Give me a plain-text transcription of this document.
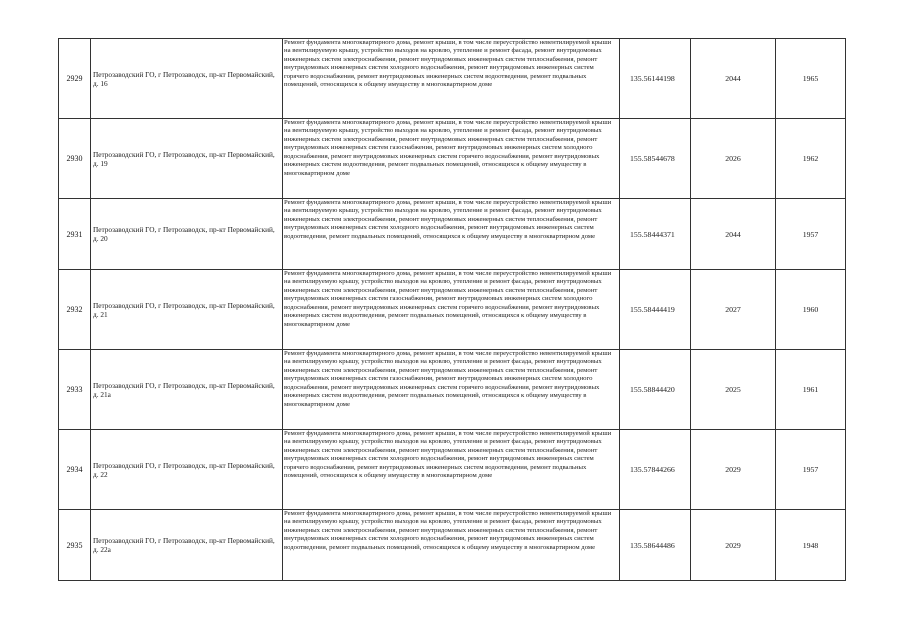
2929	Петрозаводский ГО, г Петрозаводск, пр-кт Первомайский, д. 16	Ремонт фундамента многоквартирного дома, ремонт крыши, в том числе переустройство невентилируемой крыши на вентилируемую крышу, устройство выходов на кровлю, утепление и ремонт фасада, ремонт внутридомовых инженерных систем электроснабжения, ремонт внутридомовых инженерных систем теплоснабжения, ремонт внутридомовых инженерных систем холодного водоснабжения, ремонт внутридомовых инженерных систем горячего водоснабжения, ремонт внутридомовых инженерных систем водоотведения, ремонт подвальных помещений, относящихся к общему имуществу в многоквартирном доме	135.56144198	2044	1965
2930	Петрозаводский ГО, г Петрозаводск, пр-кт Первомайский, д. 19	Ремонт фундамента многоквартирного дома, ремонт крыши, в том числе переустройство невентилируемой крыши на вентилируемую крышу, устройство выходов на кровлю, утепление и ремонт фасада, ремонт внутридомовых инженерных систем электроснабжения, ремонт внутридомовых инженерных систем теплоснабжения, ремонт внутридомовых инженерных систем газоснабжения, ремонт внутридомовых инженерных систем холодного водоснабжения, ремонт внутридомовых инженерных систем горячего водоснабжения, ремонт внутридомовых инженерных систем водоотведения, ремонт подвальных помещений, относящихся к общему имуществу в многоквартирном доме	155.58544678	2026	1962
2931	Петрозаводский ГО, г Петрозаводск, пр-кт Первомайский, д. 20	Ремонт фундамента многоквартирного дома, ремонт крыши, в том числе переустройство невентилируемой крыши на вентилируемую крышу, устройство выходов на кровлю, утепление и ремонт фасада, ремонт внутридомовых инженерных систем электроснабжения, ремонт внутридомовых инженерных систем теплоснабжения, ремонт внутридомовых инженерных систем холодного водоснабжения, ремонт внутридомовых инженерных систем водоотведения, ремонт подвальных помещений, относящихся к общему имуществу в многоквартирном доме	155.58444371	2044	1957
2932	Петрозаводский ГО, г Петрозаводск, пр-кт Первомайский, д. 21	Ремонт фундамента многоквартирного дома, ремонт крыши, в том числе переустройство невентилируемой крыши на вентилируемую крышу, устройство выходов на кровлю, утепление и ремонт фасада, ремонт внутридомовых инженерных систем электроснабжения, ремонт внутридомовых инженерных систем теплоснабжения, ремонт внутридомовых инженерных систем газоснабжения, ремонт внутридомовых инженерных систем холодного водоснабжения, ремонт внутридомовых инженерных систем горячего водоснабжения, ремонт внутридомовых инженерных систем водоотведения, ремонт подвальных помещений, относящихся к общему имуществу в многоквартирном доме	155.58444419	2027	1960
2933	Петрозаводский ГО, г Петрозаводск, пр-кт Первомайский, д. 21а	Ремонт фундамента многоквартирного дома, ремонт крыши, в том числе переустройство невентилируемой крыши на вентилируемую крышу, устройство выходов на кровлю, утепление и ремонт фасада, ремонт внутридомовых инженерных систем электроснабжения, ремонт внутридомовых инженерных систем теплоснабжения, ремонт внутридомовых инженерных систем газоснабжения, ремонт внутридомовых инженерных систем холодного водоснабжения, ремонт внутридомовых инженерных систем горячего водоснабжения, ремонт внутридомовых инженерных систем водоотведения, ремонт подвальных помещений, относящихся к общему имуществу в многоквартирном доме	155.58844420	2025	1961
2934	Петрозаводский ГО, г Петрозаводск, пр-кт Первомайский, д. 22	Ремонт фундамента многоквартирного дома, ремонт крыши, в том числе переустройство невентилируемой крыши на вентилируемую крышу, устройство выходов на кровлю, утепление и ремонт фасада, ремонт внутридомовых инженерных систем электроснабжения, ремонт внутридомовых инженерных систем теплоснабжения, ремонт внутридомовых инженерных систем холодного водоснабжения, ремонт внутридомовых инженерных систем горячего водоснабжения, ремонт внутридомовых инженерных систем водоотведения, ремонт подвальных помещений, относящихся к общему имуществу в многоквартирном доме	135.57844266	2029	1957
2935	Петрозаводский ГО, г Петрозаводск, пр-кт Первомайский, д. 22а	Ремонт фундамента многоквартирного дома, ремонт крыши, в том числе переустройство невентилируемой крыши на вентилируемую крышу, устройство выходов на кровлю, утепление и ремонт фасада, ремонт внутридомовых инженерных систем электроснабжения, ремонт внутридомовых инженерных систем теплоснабжения, ремонт внутридомовых инженерных систем холодного водоснабжения, ремонт внутридомовых инженерных систем водоотведения, ремонт подвальных помещений, относящихся к общему имуществу в многоквартирном доме	135.58644486	2029	1948
